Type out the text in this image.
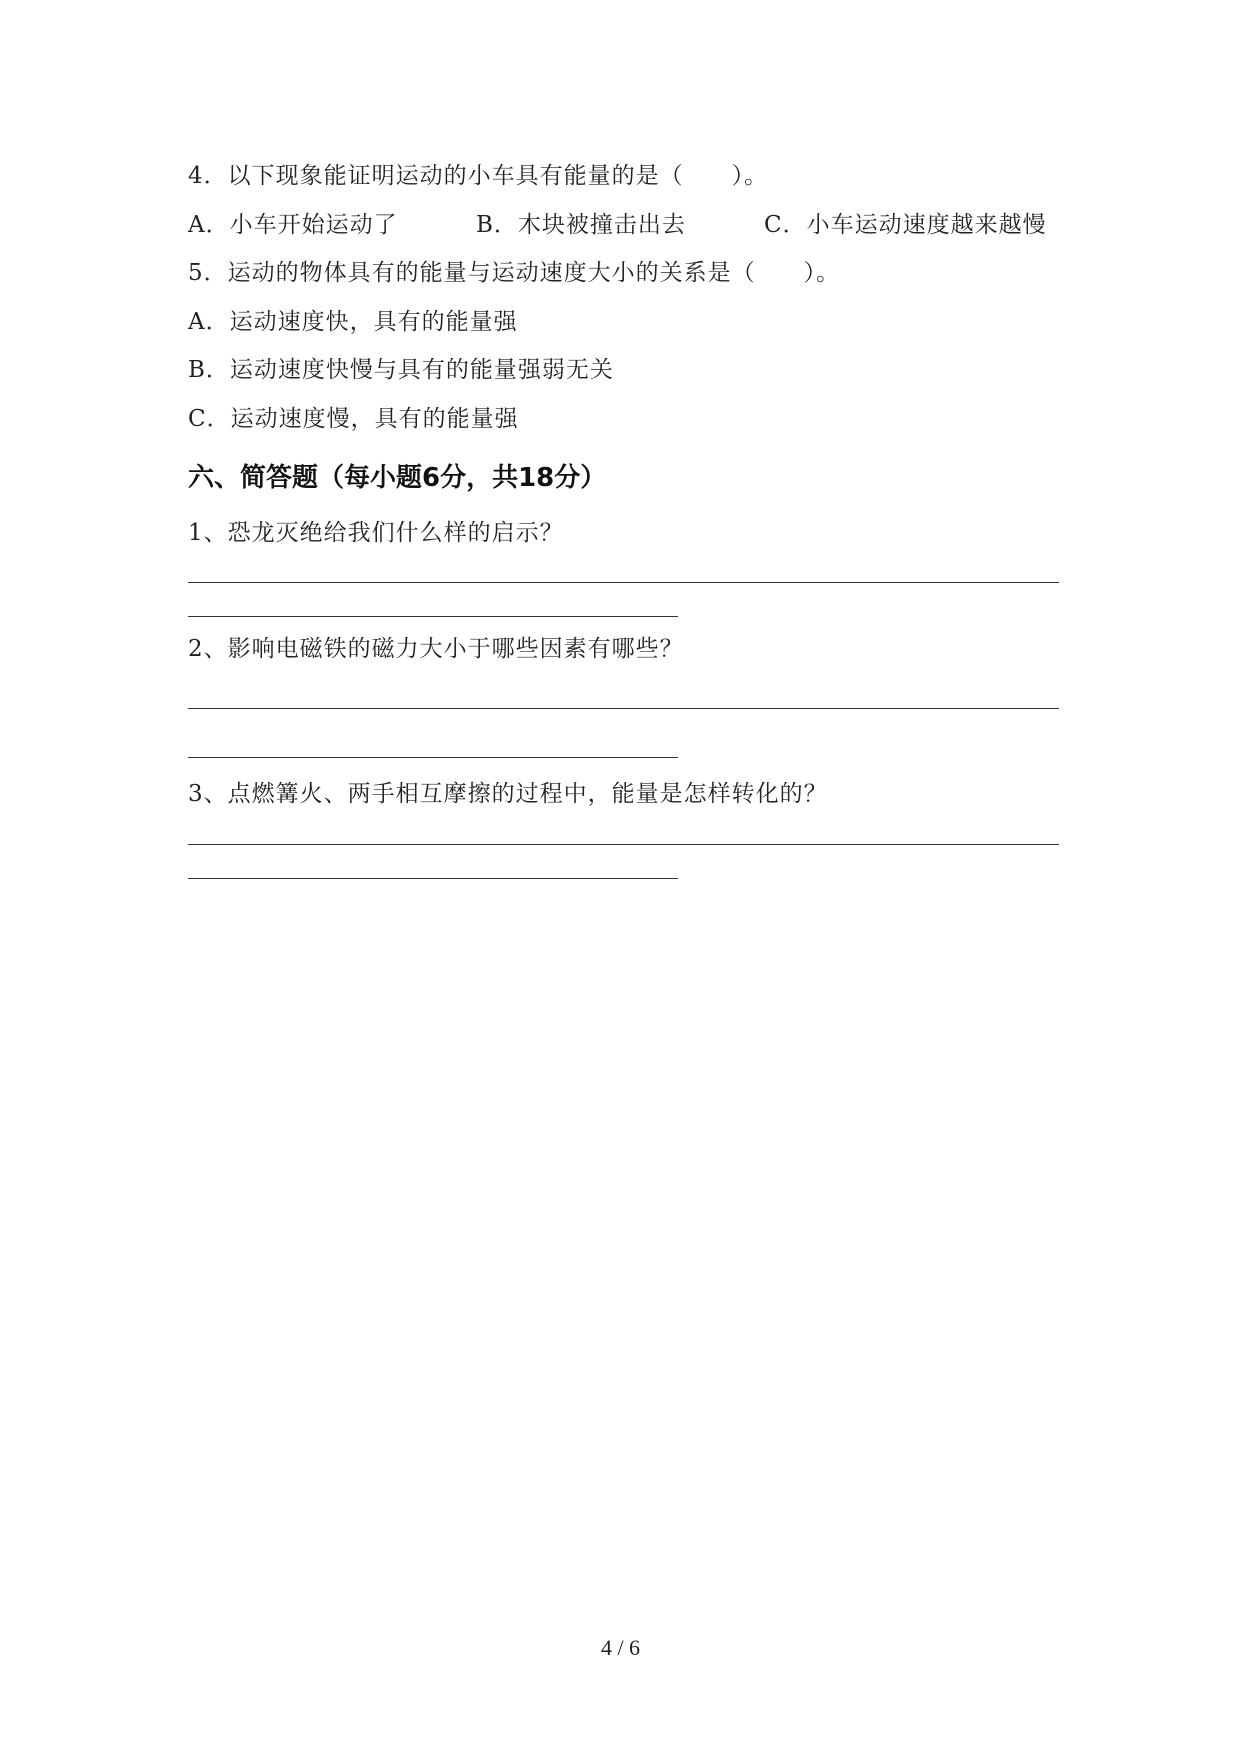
4．以下现象能证明运动的小车具有能量的是（　　）。
A．小车开始运动了	B．木块被撞击出去	C．小车运动速度越来越慢
5．运动的物体具有的能量与运动速度大小的关系是（　　）。
A．运动速度快，具有的能量强
B．运动速度快慢与具有的能量强弱无关
C．运动速度慢，具有的能量强
六、简答题（每小题6分，共18分）
1、恐龙灭绝给我们什么样的启示？
2、影响电磁铁的磁力大小于哪些因素有哪些？
3、点燃篝火、两手相互摩擦的过程中，能量是怎样转化的？
4 / 6
